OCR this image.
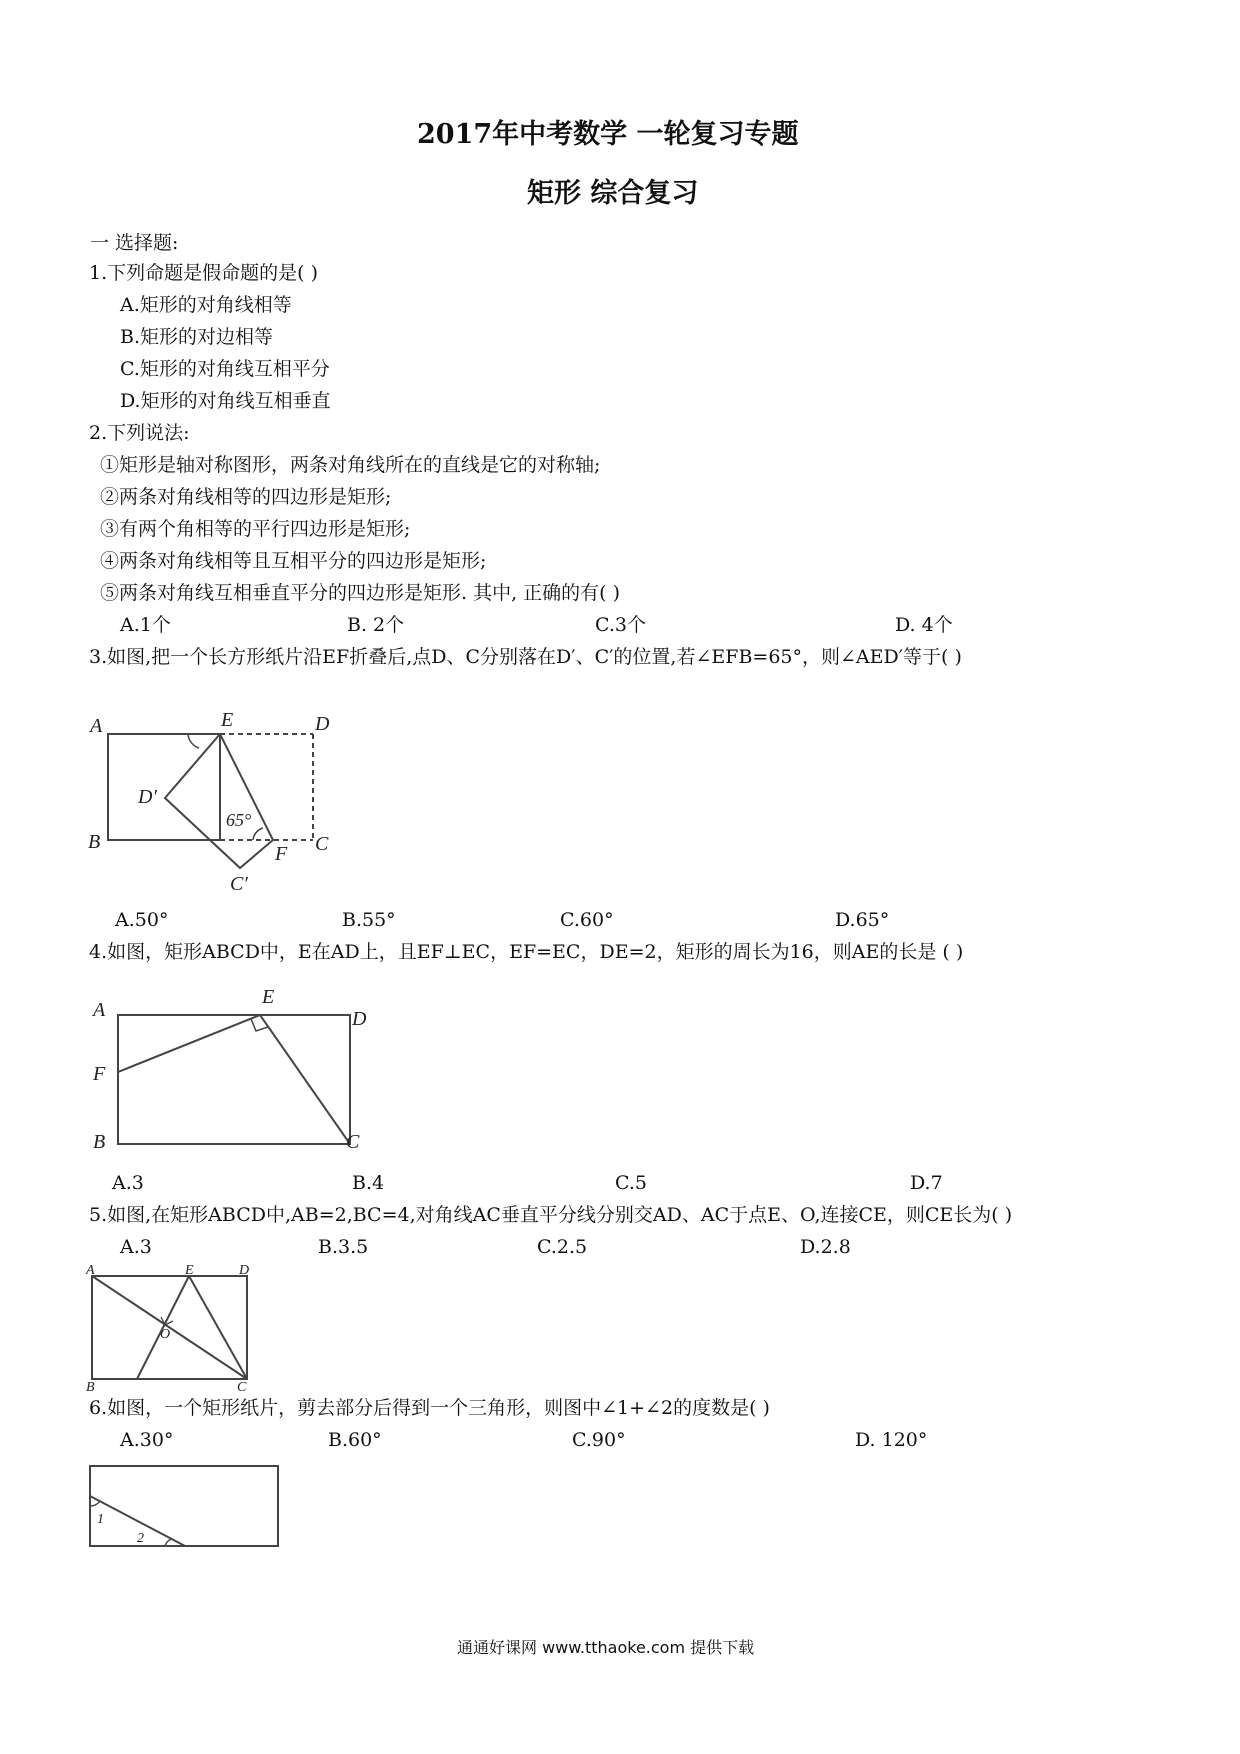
2017年中考数学 一轮复习专题
矩形 综合复习
一 选择题:
1.下列命题是假命题的是( )
A.矩形的对角线相等
B.矩形的对边相等
C.矩形的对角线互相平分
D.矩形的对角线互相垂直
2.下列说法:
①矩形是轴对称图形，两条对角线所在的直线是它的对称轴;
②两条对角线相等的四边形是矩形;
③有两个角相等的平行四边形是矩形;
④两条对角线相等且互相平分的四边形是矩形;
⑤两条对角线互相垂直平分的四边形是矩形. 其中, 正确的有( )
A.1个	B. 2个	C.3个	D. 4个
3.如图,把一个长方形纸片沿EF折叠后,点D、C分别落在D′、C′的位置,若∠EFB=65°，则∠AED′等于( )
A	E	D
D′
65°
B
F C
C′
A.50°	B.55°	C.60°	D.65°
4.如图，矩形ABCD中，E在AD上，且EF⊥EC，EF=EC，DE=2，矩形的周长为16，则AE的长是 ( )
A
E
D
F
B	C
A.3	B.4	C.5	D.7
5.如图,在矩形ABCD中,AB=2,BC=4,对角线AC垂直平分线分别交AD、AC于点E、O,连接CE，则CE长为( )
A.3	B.3.5	C.2.5	D.2.8
A	E	D
O
B	C
6.如图，一个矩形纸片，剪去部分后得到一个三角形，则图中∠1+∠2的度数是( )
A.30°	B.60°	C.90°	D. 120°
1
2
通通好课网 www.tthaoke.com 提供下载
